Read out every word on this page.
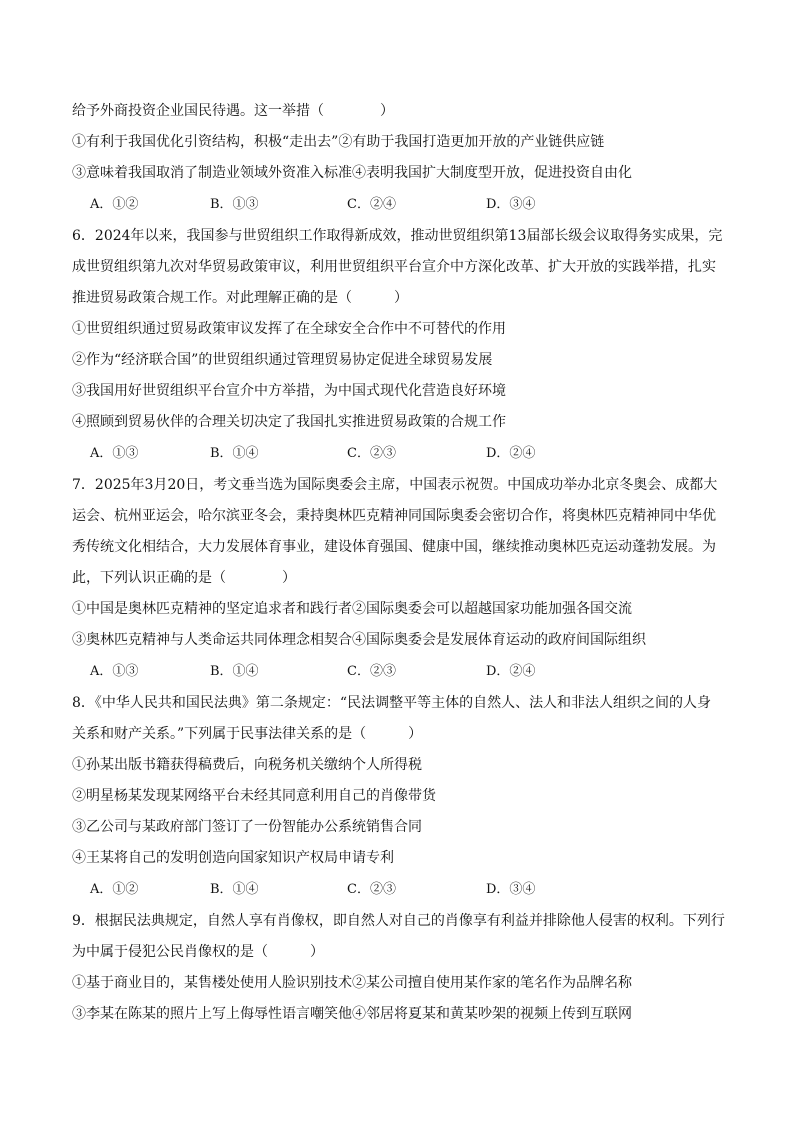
给予外商投资企业国民待遇。这一举措（　　　　）
①有利于我国优化引资结构，积极“走出去”②有助于我国打造更加开放的产业链供应链
③意味着我国取消了制造业领域外资准入标准④表明我国扩大制度型开放，促进投资自由化
A．①②	B．①③	C．②④	D．③④
6．2024年以来，我国参与世贸组织工作取得新成效，推动世贸组织第13届部长级会议取得务实成果，完
成世贸组织第九次对华贸易政策审议，利用世贸组织平台宣介中方深化改革、扩大开放的实践举措，扎实
推进贸易政策合规工作。对此理解正确的是（　　　）
①世贸组织通过贸易政策审议发挥了在全球安全合作中不可替代的作用
②作为“经济联合国”的世贸组织通过管理贸易协定促进全球贸易发展
③我国用好世贸组织平台宣介中方举措，为中国式现代化营造良好环境
④照顾到贸易伙伴的合理关切决定了我国扎实推进贸易政策的合规工作
A．①③	B．①④	C．②③	D．②④
7．2025年3月20日，考文垂当选为国际奥委会主席，中国表示祝贺。中国成功举办北京冬奥会、成都大
运会、杭州亚运会，哈尔滨亚冬会，秉持奥林匹克精神同国际奥委会密切合作，将奥林匹克精神同中华优
秀传统文化相结合，大力发展体育事业，建设体育强国、健康中国，继续推动奥林匹克运动蓬勃发展。为
此，下列认识正确的是（　　　　）
①中国是奥林匹克精神的坚定追求者和践行者②国际奥委会可以超越国家功能加强各国交流
③奥林匹克精神与人类命运共同体理念相契合④国际奥委会是发展体育运动的政府间国际组织
A．①③	B．①④	C．②③	D．②④
8．《中华人民共和国民法典》第二条规定：“民法调整平等主体的自然人、法人和非法人组织之间的人身
关系和财产关系。”下列属于民事法律关系的是（　　　）
①孙某出版书籍获得稿费后，向税务机关缴纳个人所得税
②明星杨某发现某网络平台未经其同意利用自己的肖像带货
③乙公司与某政府部门签订了一份智能办公系统销售合同
④王某将自己的发明创造向国家知识产权局申请专利
A．①②	B．①④	C．②③	D．③④
9．根据民法典规定，自然人享有肖像权，即自然人对自己的肖像享有利益并排除他人侵害的权利。下列行
为中属于侵犯公民肖像权的是（　　　）
①基于商业目的，某售楼处使用人脸识别技术②某公司擅自使用某作家的笔名作为品牌名称
③李某在陈某的照片上写上侮辱性语言嘲笑他④邻居将夏某和黄某吵架的视频上传到互联网
